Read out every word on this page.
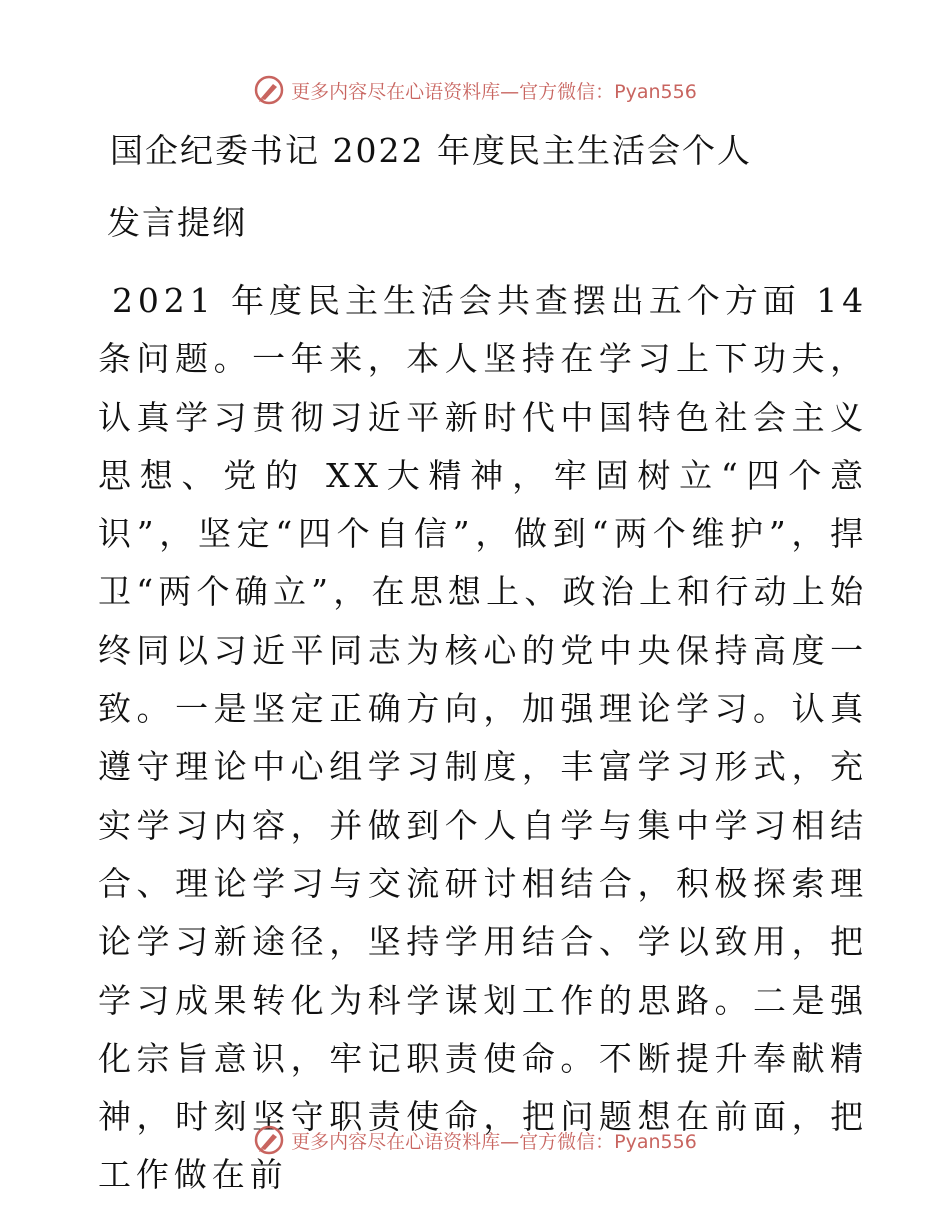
更多内容尽在心语资料库—官方微信：Pyan556
国企纪委书记 2022 年度民主生活会个人
发言提纲

2021 年度民主生活会共查摆出五个方面 14 条问题。一年来，本人坚持在学习上下功夫，认真学习贯彻习近平新时代中国特色社会主义思想、党的 XX大精神，牢固树立“四个意识”，坚定“四个自信”，做到“两个维护”，捍卫“两个确立”，在思想上、政治上和行动上始终同以习近平同志为核心的党中央保持高度一致。一是坚定正确方向，加强理论学习。认真遵守理论中心组学习制度，丰富学习形式，充实学习内容，并做到个人自学与集中学习相结合、理论学习与交流研讨相结合，积极探索理论学习新途径，坚持学用结合、学以致用，把学习成果转化为科学谋划工作的思路。二是强化宗旨意识，牢记职责使命。不断提升奉献精神，时刻坚守职责使命，把问题想在前面，把工作做在前

更多内容尽在心语资料库—官方微信：Pyan556
